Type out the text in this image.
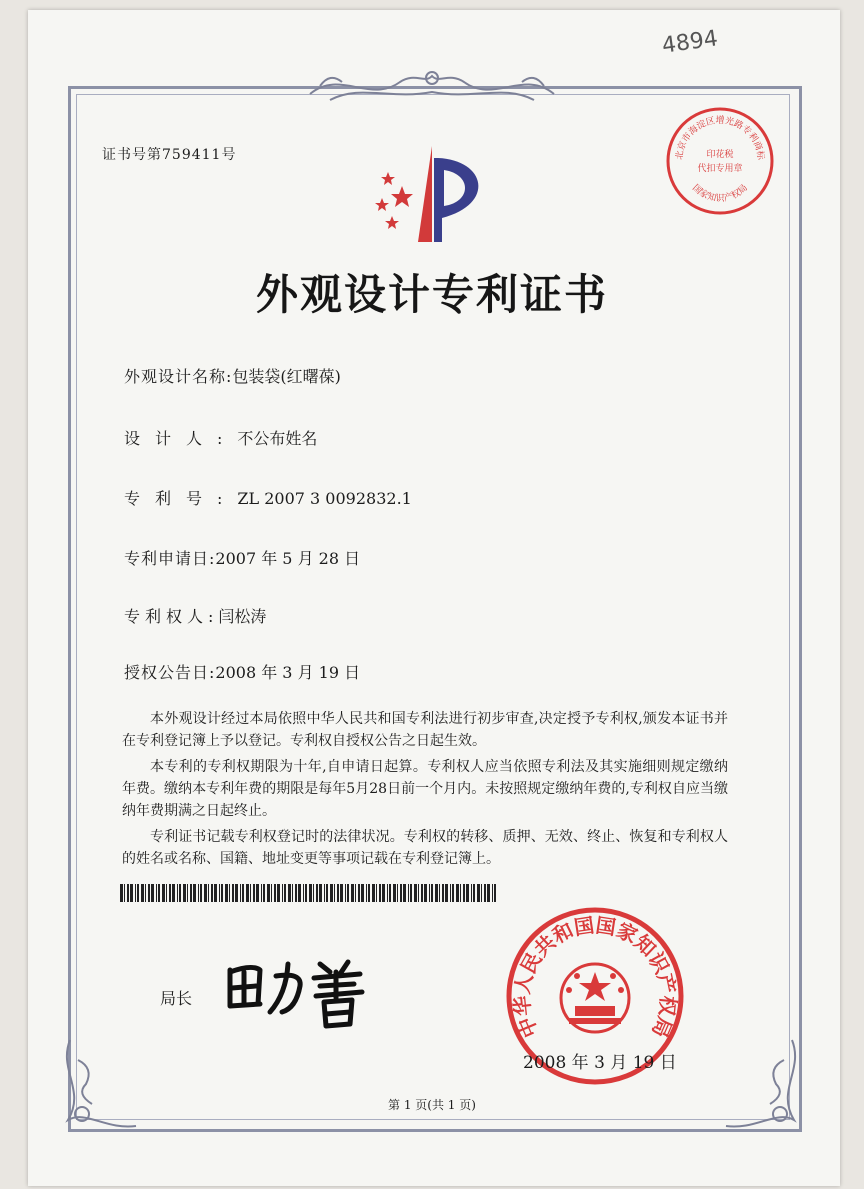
4894
证书号第759411号	北京市海淀区增光路专利商标
印花税
代扣专用章
国家知识产权局
外观设计专利证书
外观设计名称:包装袋(红曙葆)
设计人:不公布姓名
专利号:ZL 2007 3 0092832.1
专利申请日:2007 年 5 月 28 日
专利权人:闫松涛
授权公告日:2008 年 3 月 19 日

本外观设计经过本局依照中华人民共和国专利法进行初步审查,决定授予专利权,颁发本证书并在专利登记簿上予以登记。专利权自授权公告之日起生效。

本专利的专利权期限为十年,自申请日起算。专利权人应当依照专利法及其实施细则规定缴纳年费。缴纳本专利年费的期限是每年5月28日前一个月内。未按照规定缴纳年费的,专利权自应当缴纳年费期满之日起终止。

专利证书记载专利权登记时的法律状况。专利权的转移、质押、无效、终止、恢复和专利权人的姓名或名称、国籍、地址变更等事项记载在专利登记簿上。

局长
中华人民共和国国家知识产权局
2008 年 3 月 19 日
第 1 页(共 1 页)
